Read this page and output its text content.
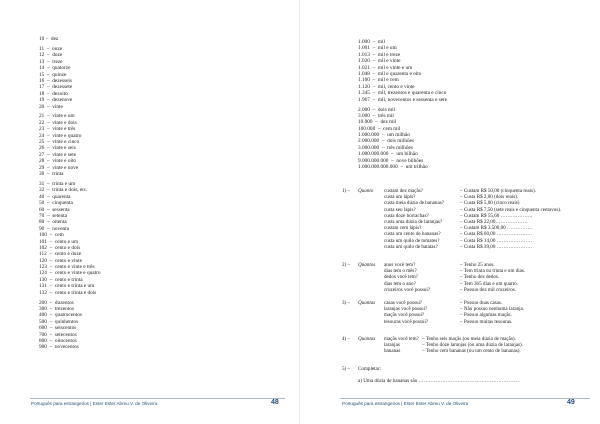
10 –  dez
11  –  onze
12  –  doze
13  –  treze
14  –  quatorze
15  –  quinze
16  –  dezesseis
17  –  dezessete
18  –  dezoito
19  –  dezenove
20  –  vinte
21  –  vinte e um
22  –  vinte e dois
23  –  vinte e três
24  –  vinte e quatro
25  –  vinte e cinco
26  –  vinte e seis
27  –  vinte e sete
28  –  vinte e oito
29  –  vinte e nove
30  –  trinta
31  –  trinta e um
32  –  trinta e dois, etc.
40  –  quarenta
50  –  cinquenta
60  –  sessenta
70  –  setenta
80  –  oitenta
90  –  noventa
100  –  cem
101  –  cento e um
102  –  cento e dois
112  –  cento e doze
120  –  cento e vinte
123  –  cento e vinte e três
124  –  cento e vinte e quatro
130  –  cento e trinta
131  –  cento e trinta e um
132  –  cento e trinta e dois
200  –  duzentos
300  –  trezentos
400  –  quatrocentos
500  –  quinhentos
600  –  seiscentos
700  –  setecentos
800  –  oitocentos
900  –  novecentos
Português para estrangeiros | Ester Ester Abreu V. de Oliveira	48
1.000  –  mil
1.001  –  mil e um
1.013  –  mil e treze
1.020  –  mil e vinte
1.021  –  mil e vinte e um
1.048  –  mil e quarenta e oito
1.100  –  mil e cem
1.120  –  mil, cento e vinte
1.345  –  mil, trezentos e quarenta e cinco
1.967  –  mil, novecentos e sessenta e sete
2.000  –  dois mil
3.000  –  três mil
10.000  –  dez mil
100.000  –  cem mil
1.000.000  –  um milhão
2.000.000  –  dois milhões
3.000.000  –  três milhões
1.000.000.000  –  um bilhão
9.000.000.000  –  nove bilhões
1.000.000.000.000  –  um trilhão
1) – Quanto custam dez maçãs?	– Custam R$ 50,00 (cinquenta reais).
custa um lápis?	– Custa R$ 2,00 (dois reais).
custa meia dúzia de bananas?	– Custa R$ 5,00 (cinco reais)
custa seu lápis?	– Custa R$ 7,50 (sete reais e cinquenta centavos).
custa doze borrachas?	– Custam R$ 55,60 ……………….
custa uma dúzia de laranjas?	– Custa R$ 22,00……………….
custam cem lápis?	– Custam R$ 3.500,00 ……………
custa um cento de bananas?	– Custa R$ 60,00 …………………
custa um quilo de tomates?	– Custa R$ 14,00 …………………
custa um quilo de batatas?	– Custa R$ 39,00 …………………
2) – Quantos anos você tem?	– Tenho 25 anos.
dias tem o mês?	– Tem trinta ou trinta e um dias.
dedos você tem?	– Tenho dez dedos.
dias tem o ano?	– Tem 365 dias e um quarto.
cruzeiros você possui?	– Possuo dez mil cruzeiros.
3) – Quantas casas você possui?	– Possuo duas casas.
laranjas você possui?	– Não possuo nenhuma laranja.
maçãs você possui?	– Possuo algumas maçãs.
tesouras você possui?	– Possuo muitas tesouras.
4) – Quantas maçãs você tem? – Tenho seis maçãs (ou meia dúzia de maçãs).
laranjas	– Tenho doze laranjas (ou uma dúzia de laranjas).
bananas	– Tenho cem bananas (ou um cento de bananas).
5) – Completar:
a) Uma dúzia de bananas são ……………………………………………………
Português para estrangeiros | Ester Ester Abreu V. de Oliveira	49
